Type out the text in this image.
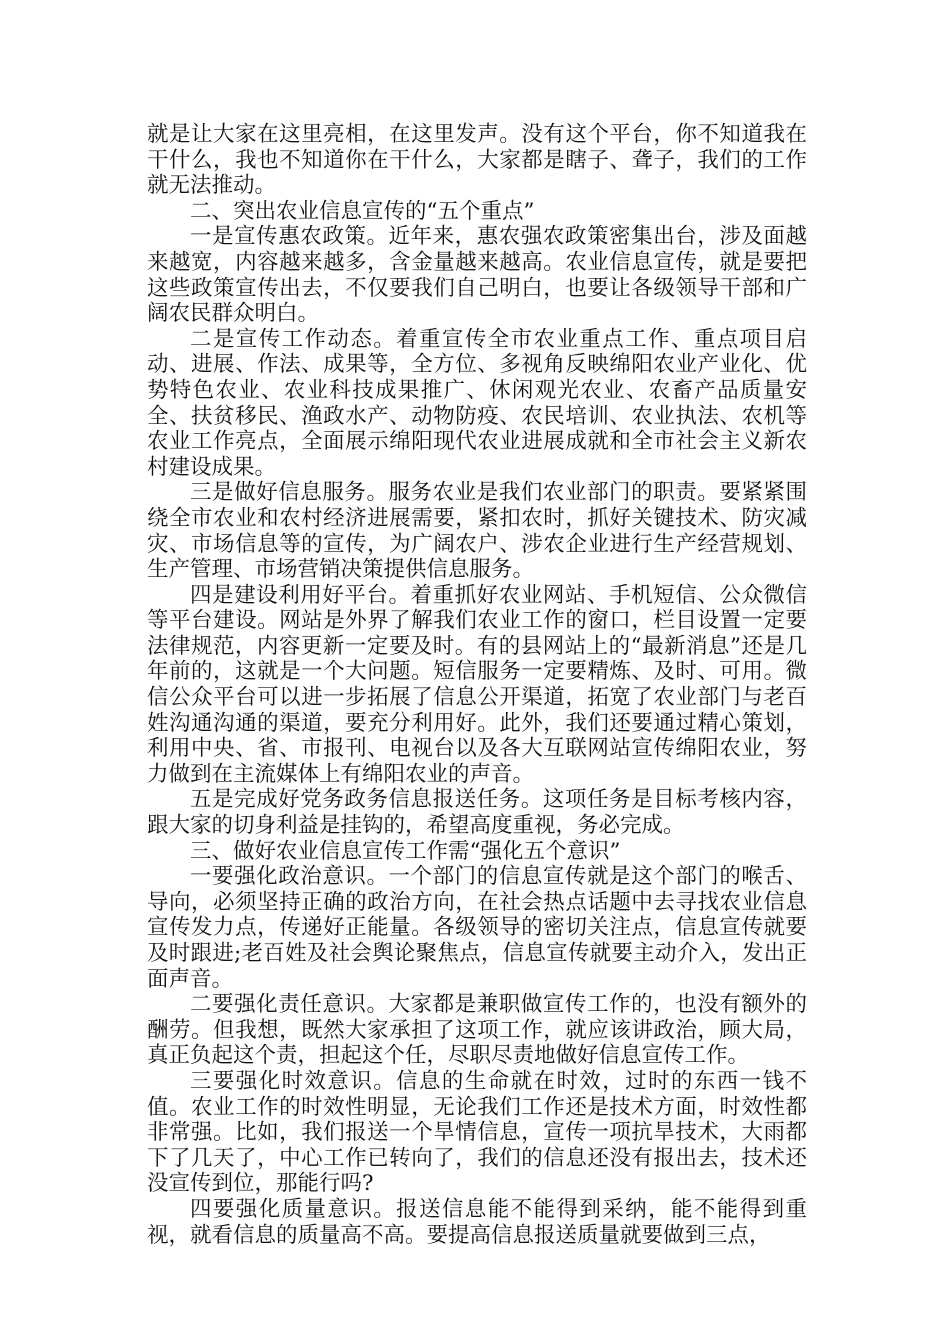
就是让大家在这里亮相，在这里发声。没有这个平台，你不知道我在干什么，我也不知道你在干什么，大家都是瞎子、聋子，我们的工作就无法推动。

二、突出农业信息宣传的“五个重点”

一是宣传惠农政策。近年来，惠农强农政策密集出台，涉及面越来越宽，内容越来越多，含金量越来越高。农业信息宣传，就是要把这些政策宣传出去，不仅要我们自己明白，也要让各级领导干部和广阔农民群众明白。

二是宣传工作动态。着重宣传全市农业重点工作、重点项目启动、进展、作法、成果等，全方位、多视角反映绵阳农业产业化、优势特色农业、农业科技成果推广、休闲观光农业、农畜产品质量安全、扶贫移民、渔政水产、动物防疫、农民培训、农业执法、农机等农业工作亮点，全面展示绵阳现代农业进展成就和全市社会主义新农村建设成果。

三是做好信息服务。服务农业是我们农业部门的职责。要紧紧围绕全市农业和农村经济进展需要，紧扣农时，抓好关键技术、防灾减灾、市场信息等的宣传，为广阔农户、涉农企业进行生产经营规划、生产管理、市场营销决策提供信息服务。

四是建设利用好平台。着重抓好农业网站、手机短信、公众微信等平台建设。网站是外界了解我们农业工作的窗口，栏目设置一定要法律规范，内容更新一定要及时。有的县网站上的“最新消息”还是几年前的，这就是一个大问题。短信服务一定要精炼、及时、可用。微信公众平台可以进一步拓展了信息公开渠道，拓宽了农业部门与老百姓沟通沟通的渠道，要充分利用好。此外，我们还要通过精心策划，利用中央、省、市报刊、电视台以及各大互联网站宣传绵阳农业，努力做到在主流媒体上有绵阳农业的声音。

五是完成好党务政务信息报送任务。这项任务是目标考核内容，跟大家的切身利益是挂钩的，希望高度重视，务必完成。

三、做好农业信息宣传工作需“强化五个意识”

一要强化政治意识。一个部门的信息宣传就是这个部门的喉舌、导向，必须坚持正确的政治方向，在社会热点话题中去寻找农业信息宣传发力点，传递好正能量。各级领导的密切关注点，信息宣传就要及时跟进;老百姓及社会舆论聚焦点，信息宣传就要主动介入，发出正面声音。

二要强化责任意识。大家都是兼职做宣传工作的，也没有额外的酬劳。但我想，既然大家承担了这项工作，就应该讲政治，顾大局，真正负起这个责，担起这个任，尽职尽责地做好信息宣传工作。

三要强化时效意识。信息的生命就在时效，过时的东西一钱不值。农业工作的时效性明显，无论我们工作还是技术方面，时效性都非常强。比如，我们报送一个旱情信息，宣传一项抗旱技术，大雨都下了几天了，中心工作已转向了，我们的信息还没有报出去，技术还没宣传到位，那能行吗?

四要强化质量意识。报送信息能不能得到采纳，能不能得到重视，就看信息的质量高不高。要提高信息报送质量就要做到三点，
